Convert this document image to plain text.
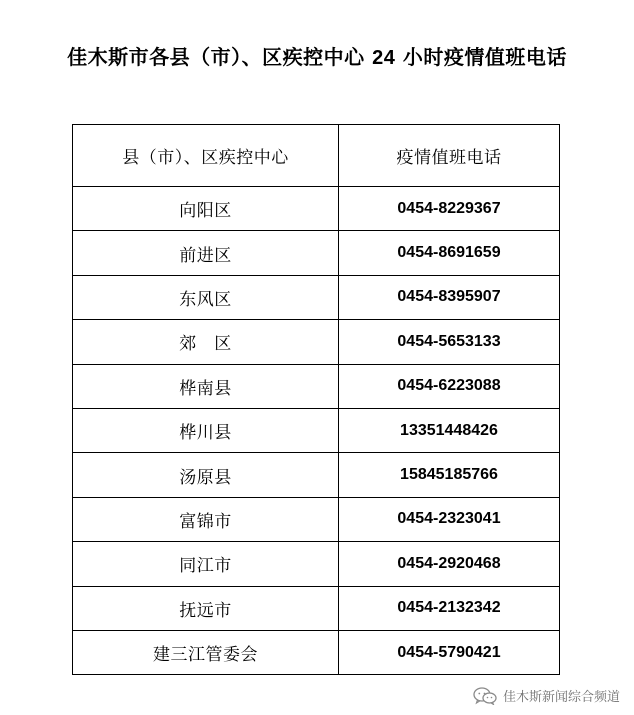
佳木斯市各县（市）、区疾控中心 24 小时疫情值班电话
县（市）、区疾控中心	疫情值班电话
向阳区	0454-8229367
前进区	0454-8691659
东风区	0454-8395907
郊　区	0454-5653133
桦南县	0454-6223088
桦川县	13351448426
汤原县	15845185766
富锦市	0454-2323041
同江市	0454-2920468
抚远市	0454-2132342
建三江管委会	0454-5790421
佳木斯新闻综合频道
